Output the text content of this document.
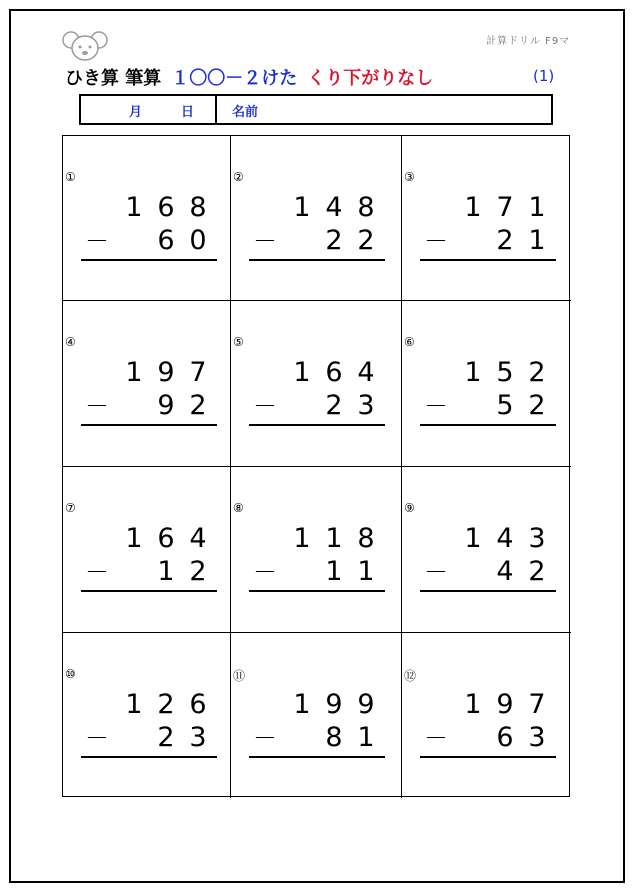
計算ドリル F9マ
ひき算 筆算 １〇〇－２けた くり下がりなし	(1)
月	日	名前
①
1 6 8
－ 6 0
②
1 4 8
－ 2 2
③
1 7 1
－ 2 1
④
1 9 7
－ 9 2
⑤
1 6 4
－ 2 3
⑥
1 5 2
－ 5 2
⑦
1 6 4
－ 1 2
⑧
1 1 8
－ 1 1
⑨
1 4 3
－ 4 2
⑩
1 2 6
－ 2 3
⑪
1 9 9
－ 8 1
⑫
1 9 7
－ 6 3
